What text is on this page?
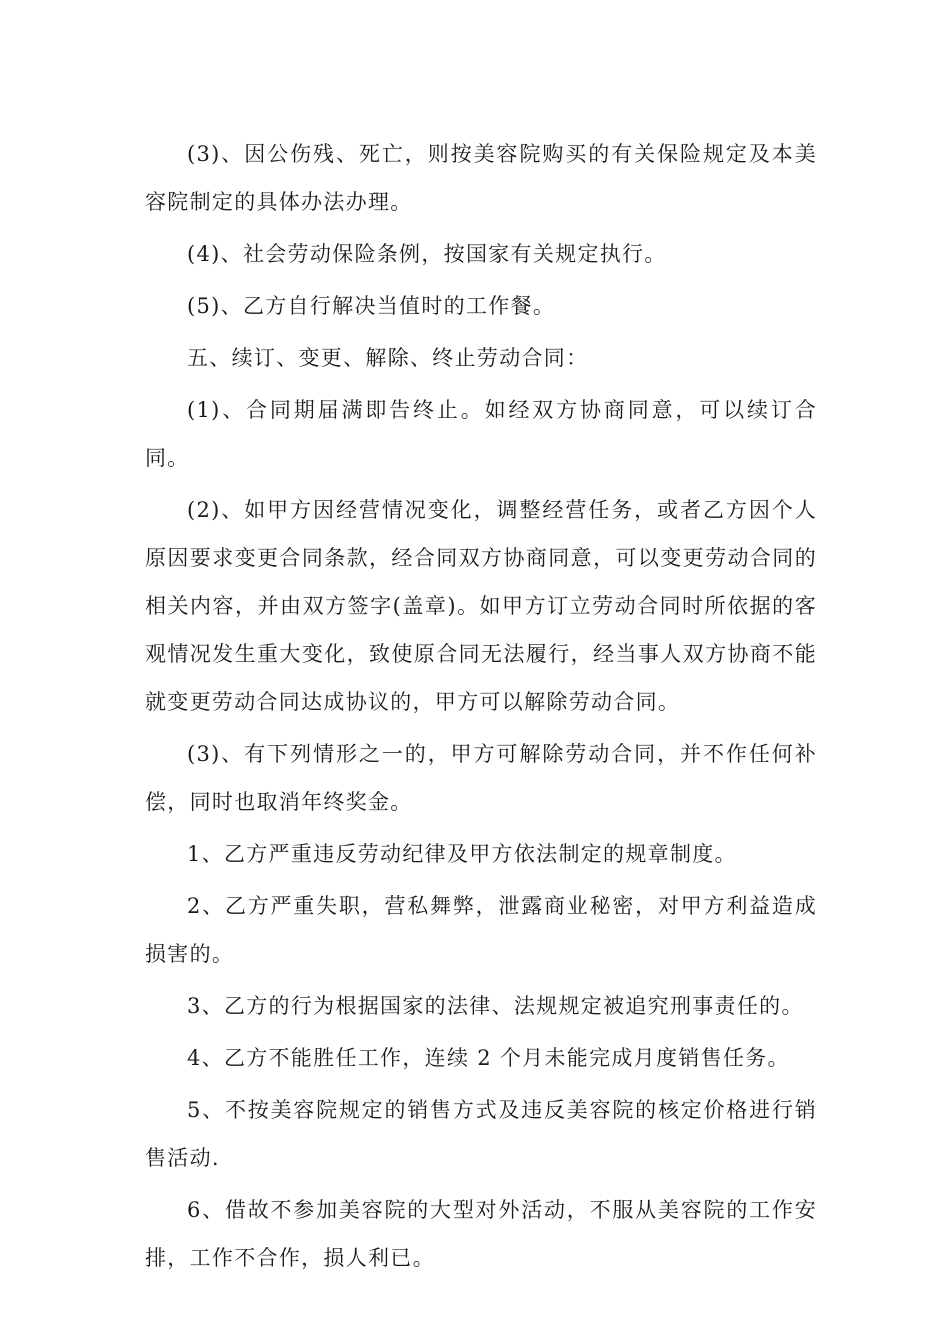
(3)、因公伤残、死亡，则按美容院购买的有关保险规定及本美容院制定的具体办法办理。

(4)、社会劳动保险条例，按国家有关规定执行。

(5)、乙方自行解决当值时的工作餐。

五、续订、变更、解除、终止劳动合同：

(1)、合同期届满即告终止。如经双方协商同意，可以续订合同。

(2)、如甲方因经营情况变化，调整经营任务，或者乙方因个人原因要求变更合同条款，经合同双方协商同意，可以变更劳动合同的相关内容，并由双方签字(盖章)。如甲方订立劳动合同时所依据的客观情况发生重大变化，致使原合同无法履行，经当事人双方协商不能就变更劳动合同达成协议的，甲方可以解除劳动合同。

(3)、有下列情形之一的，甲方可解除劳动合同，并不作任何补偿，同时也取消年终奖金。

1、乙方严重违反劳动纪律及甲方依法制定的规章制度。

2、乙方严重失职，营私舞弊，泄露商业秘密，对甲方利益造成损害的。

3、乙方的行为根据国家的法律、法规规定被追究刑事责任的。

4、乙方不能胜任工作，连续 2 个月未能完成月度销售任务。

5、不按美容院规定的销售方式及违反美容院的核定价格进行销售活动.

6、借故不参加美容院的大型对外活动，不服从美容院的工作安排，工作不合作，损人利已。
